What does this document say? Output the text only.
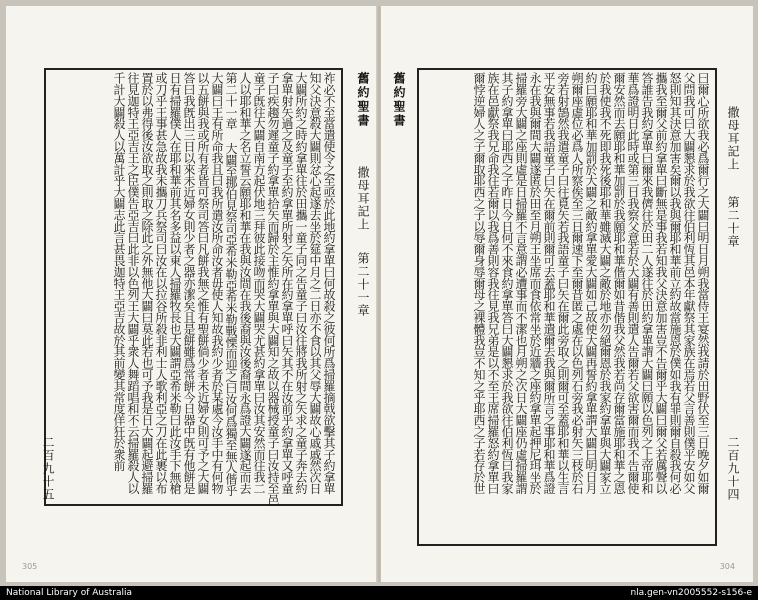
舊約聖書
撒母耳記上
第二十一章
二百九十五	祚必不至當遣使令之至亟於此地約拿單曰何故殺之彼何所爲掃羅摘戟欲擊其子約拿單
知父決意殺大闢則忿心起遂去坐於筵中月之二日亦不食以其父辱大闢故心戚戚然次日
大闢所約之時約拿單往於田攜一童子同之告童子曰汝往將我所射之矢求之童子奔去約
拿單射矢過之及童子至約拿單所射之矢所在約拿單呼曰矢其不在汝前乎約拿單又呼童
子曰疾趨勿遲童子約拿單拾矢而歸於主惟約拿單與大闢知之故以器械授童子曰汝持至邑
童子旣往大闢自南方起伏地三拜彼此接吻而哭大闢哭尤甚約拿單曰汝其安然而往我二
人以耶和華之名立誓云願耶和華在我與汝間在我後裔與汝後裔間永爲證大闢遂起而去
第二十一章 大闢至挪伯見祭司亞希米勒亞希米勒戰慄而迎之曰汝何爲獨至無人偕乎
大闢曰王有所命我且曰我所遣汝所命汝者毋使人知故我約少者於某處今汝手中有何物
以五餅與我或所有者皆可祭司答曰凡餅我無之惟有聖餅倘少者未近婦女則可予之大闢
答曰我旣出三日以來未近婦女則少者之器亦潔矣且是餅雖爲常餅今日器中旣有他餅是
日有掃羅僕人在耶和華前其名多益以東人掃羅牧長也大闢謂亞希米勒曰此汝手下無槍
或刀乎王事甚急故我未攜刀兵祭司曰汝在以拉谷所殺非利士人歌利亞之刀在此裹以布
置於以弗得後汝欲取之則取之除此之外無他大闢曰莫此若也可予我是日大闢起避掃羅
往見迦特王亞吉王之臣僕告亞吉曰此非以色列王大闢乎衆人舞蹈唱和不云掃羅殺人以
千計大闢殺人以萬計乎大闢志此言甚畏迦特王亞吉故於其前變其常度佯狂於衆前
305
舊約聖書
撒母耳記上
第二十章
二百九十四
曰爾心所欲我必爲爾行之大闢曰明日月朔我當侍王宴然我請於田野伏至三日晚夕如爾
父問我可曰大闢懇求於我欲往伯利恆其邑本年獻祭其家族在焉若父言善則僕平安如父
怒則知其決意加害矣爾以我與爾耶和華前立約故當施恩於僕如我有罪則爾自殺我何必
攜我至爾父前約拿單曰斷無是事我若知我父決意加害豈不告爾乎大闢曰爾父若厲聲以
答誰告我約拿單曰爾來我儕往於田二人遂往於田約拿單謂大闢曰願以色列之上帝耶和
華爲證明日此時或第三日我察父意若於大闢有善則遣人告爾若父欲害爾而我不告爾使
爾安然而去願耶和華加罰於我願耶和華偕爾如昔偕我父然我若尚存爾當施耶和華之恩
於我使我不死即我死後耶和華雖滅大闢之敵於地亦勿絕爾恩於我家約拿單與大闢家立
約曰願耶和華加罰於大闢之敵約拿單愛大闢如己故使大闢再誓約拿單謂大闢曰明日月
朔爾座虛位必爲人所察俟至三日爾速下至爾昔匿之處在以色列石旁我必射矢三枝於石
旁若射鵠然我遣童子曰往覓矢若我語童子曰矢在爾此旁取之則爾可至蓋耶和華以生言
平安無事若我語童子曰矢在爾前則爾可去蓋耶和華遣爾去我與爾所言之事耶和華爲證
永在我與爾間大闢遂匿於田至月朔王坐席而食依常坐於近牆之座約拿單起押尼珥坐於
掃羅旁大闢之座則虛是日掃羅不言意謂必遭事而不潔也月朔之次日大闢座仍虛掃羅謂
其子約拿單曰耶西之子昨日今日何不來食約拿單答曰大闢懇求於我欲往伯利恆曰我家
族在邑獻祭我兄命我往若爾以我爲善則容我往見我兄弟是以不至王席掃羅怒約拿單曰
爾悖逆婦人之子爾取耶西之子以辱爾身辱爾母之裸體我豈不知之乎耶西之子若存於世
304
National Library of Australia	nla.gen-vn2005552-s156-e
